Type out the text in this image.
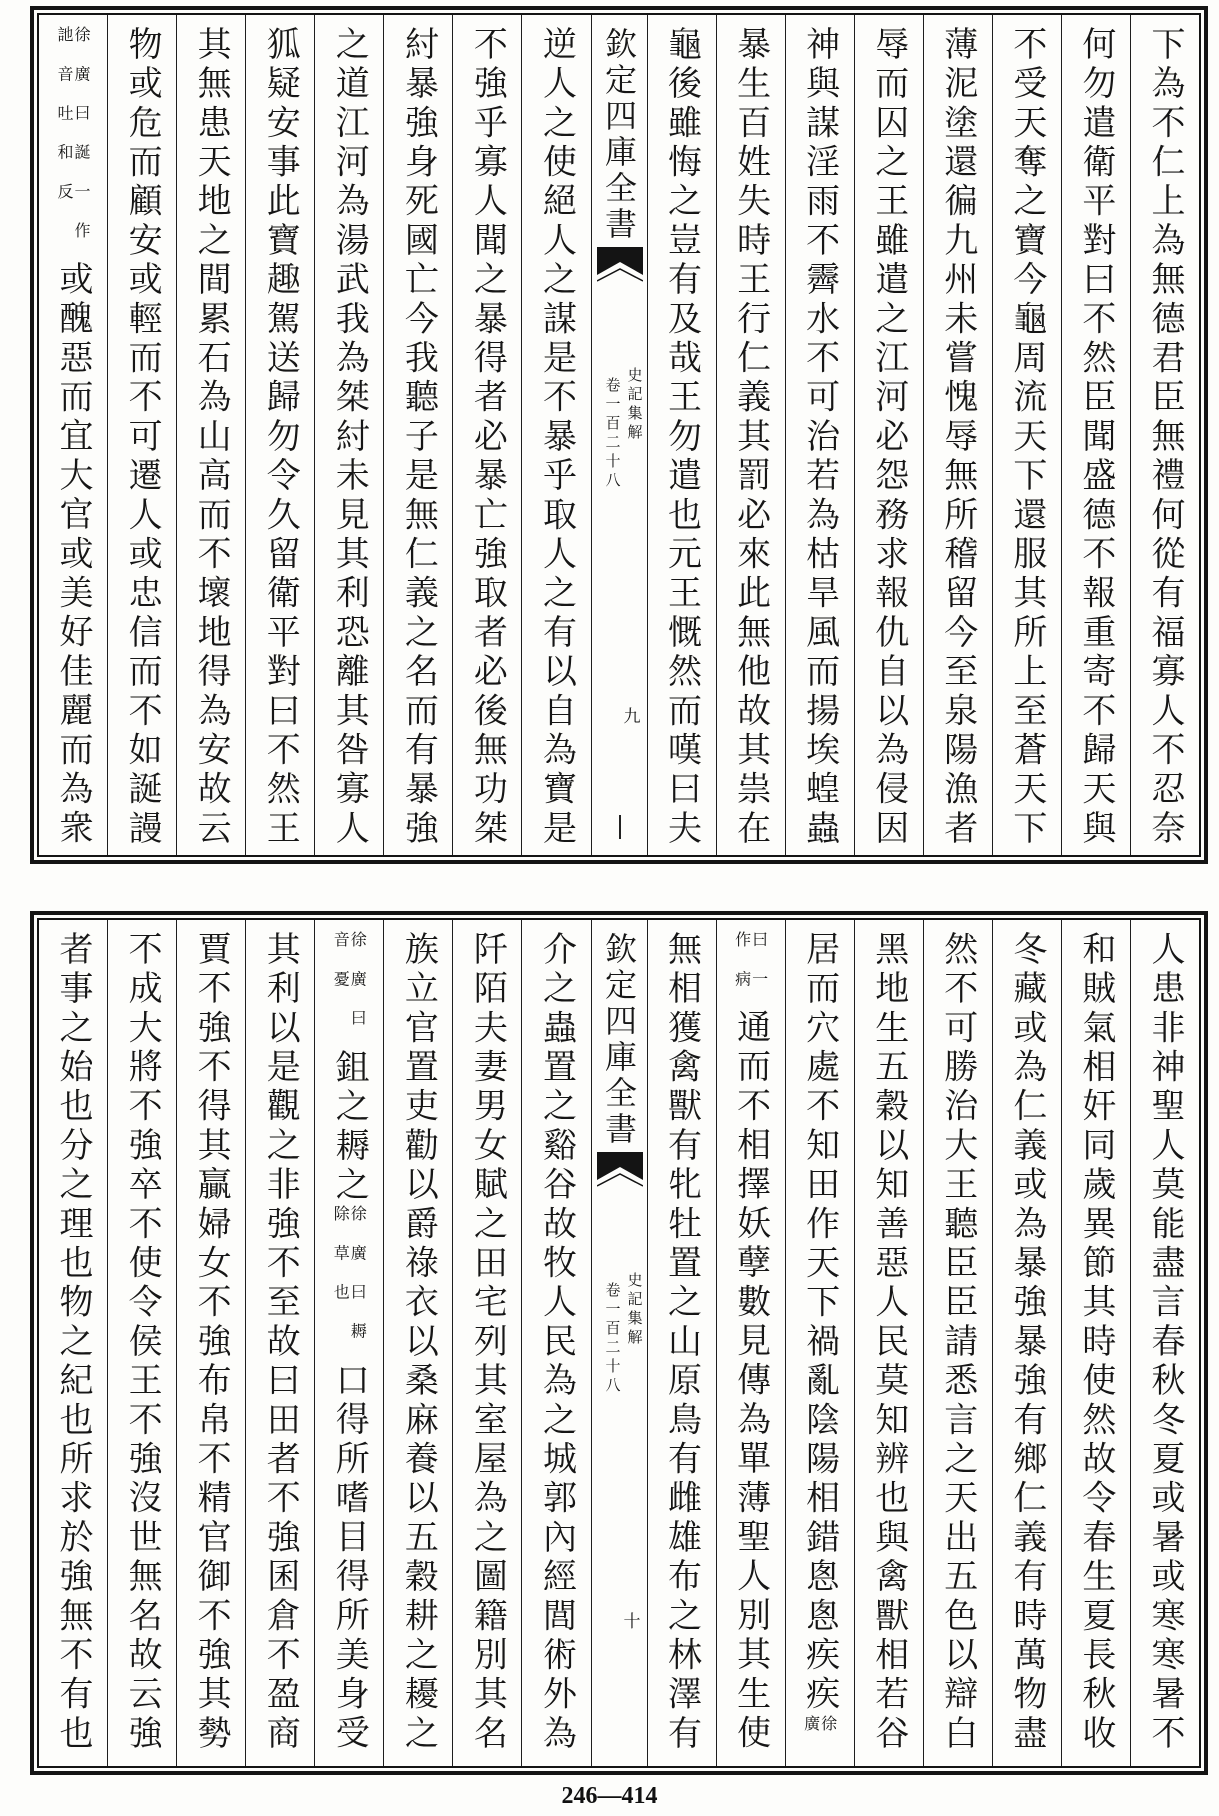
下為不仁上為無德君臣無禮何從有福寡人不忍奈
何勿遣衛平對曰不然臣聞盛德不報重寄不歸天與
不受天奪之寶今龜周流天下還服其所上至蒼天下
薄泥塗還徧九州未嘗愧辱無所稽留今至泉陽漁者
辱而囚之王雖遣之江河必怨務求報仇自以為侵因
神與謀淫雨不霽水不可治若為枯旱風而揚埃蝗蟲
暴生百姓失時王行仁義其罰必來此無他故其祟在
龜後雖悔之豈有及哉王勿遣也元王慨然而嘆曰夫
欽定四庫全書
史記集解
卷一百二十八
九
逆人之使絕人之謀是不暴乎取人之有以自為寶是
不強乎寡人聞之暴得者必暴亡強取者必後無功桀
紂暴強身死國亡今我聽子是無仁義之名而有暴強
之道江河為湯武我為桀紂未見其利恐離其咎寡人
狐疑安事此寶趣駕送歸勿令久留衛平對曰不然王
其無患天地之間累石為山高而不壞地得為安故云
物或危而顧安或輕而不可遷人或忠信而不如誕謾
徐廣曰誕一作
訑音吐和反
或醜惡而宜大官或美好佳麗而為衆
人患非神聖人莫能盡言春秋冬夏或暑或寒寒暑不
和賊氣相奸同歲異節其時使然故令春生夏長秋收
冬藏或為仁義或為暴強暴強有鄉仁義有時萬物盡
然不可勝治大王聽臣臣請悉言之天出五色以辯白
黑地生五穀以知善惡人民莫知辨也與禽獸相若谷
居而穴處不知田作天下禍亂陰陽相錯悤悤疾疾
徐
廣
曰一
作病
通而不相擇妖孽數見傳為單薄聖人別其生使
無相獲禽獸有牝牡置之山原鳥有雌雄布之林澤有
欽定四庫全書
史記集解
卷一百二十八
十
介之蟲置之谿谷故牧人民為之城郭內經閭術外為
阡陌夫妻男女賦之田宅列其室屋為之圖籍別其名
族立官置吏勸以爵祿衣以桑麻養以五穀耕之耰之
徐廣曰
音憂
鉏之耨之
徐廣曰耨
除草也
口得所嗜目得所美身受
其利以是觀之非強不至故曰田者不強囷倉不盈商
賈不強不得其贏婦女不強布帛不精官御不強其勢
不成大將不強卒不使令侯王不強沒世無名故云強
者事之始也分之理也物之紀也所求於強無不有也
246—414
